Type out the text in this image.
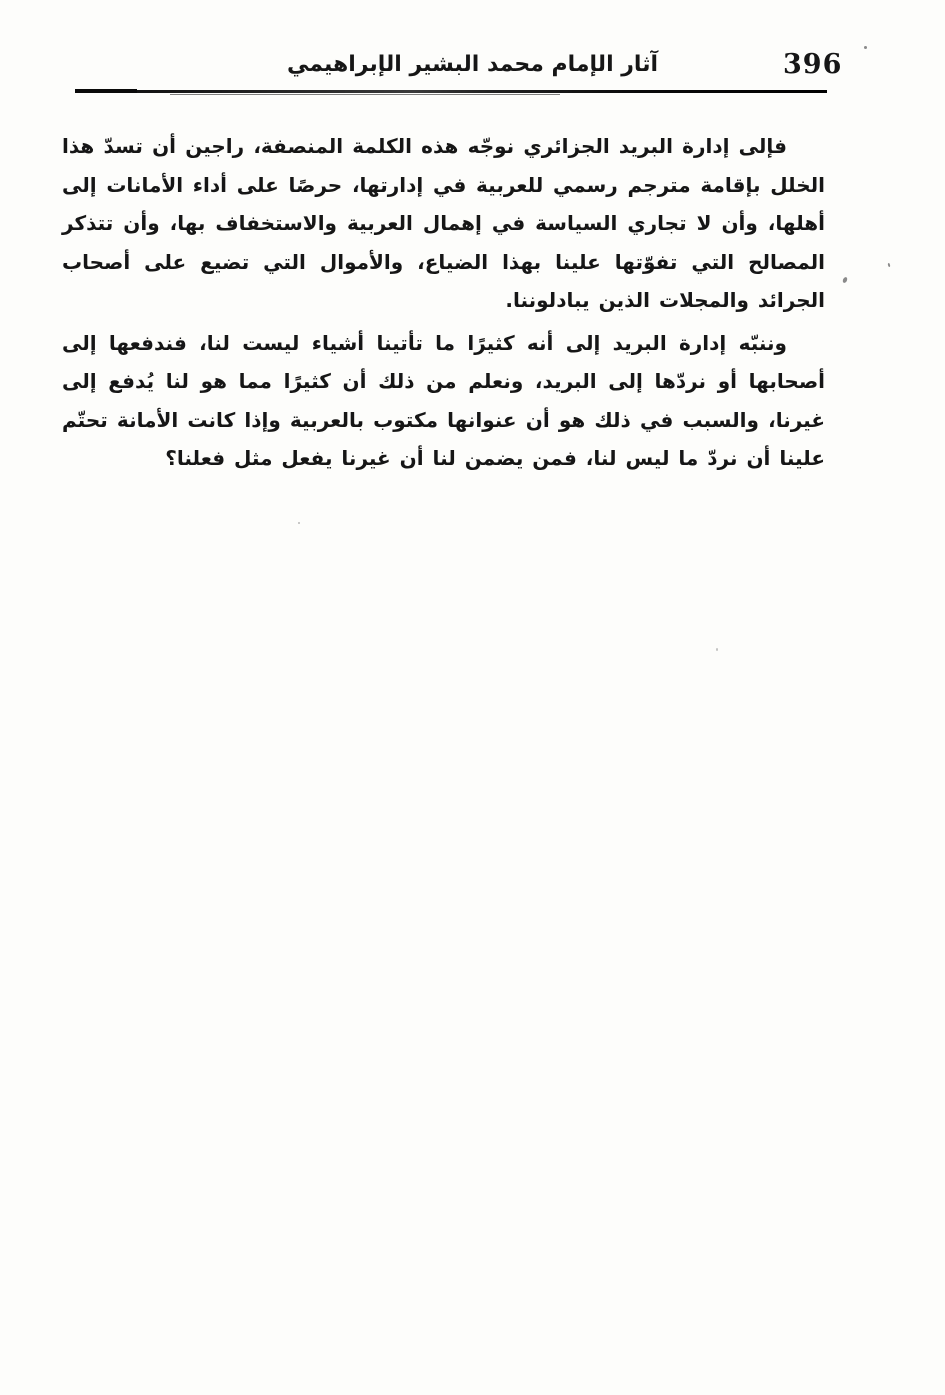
آثار الإمام محمد البشير الإبراهيمي	396

فإلى إدارة البريد الجزائري نوجّه هذه الكلمة المنصفة، راجين أن تسدّ هذا الخلل بإقامة مترجم رسمي للعربية في إدارتها، حرصًا على أداء الأمانات إلى أهلها، وأن لا تجاري السياسة في إهمال العربية والاستخفاف بها، وأن تتذكر المصالح التي تفوّتها علينا بهذا الضياع، والأموال التي تضيع على أصحاب الجرائد والمجلات الذين يبادلوننا.

وننبّه إدارة البريد إلى أنه كثيرًا ما تأتينا أشياء ليست لنا، فندفعها إلى أصحابها أو نردّها إلى البريد، ونعلم من ذلك أن كثيرًا مما هو لنا يُدفع إلى غيرنا، والسبب في ذلك هو أن عنوانها مكتوب بالعربية وإذا كانت الأمانة تحتّم علينا أن نردّ ما ليس لنا، فمن يضمن لنا أن غيرنا يفعل مثل فعلنا؟
